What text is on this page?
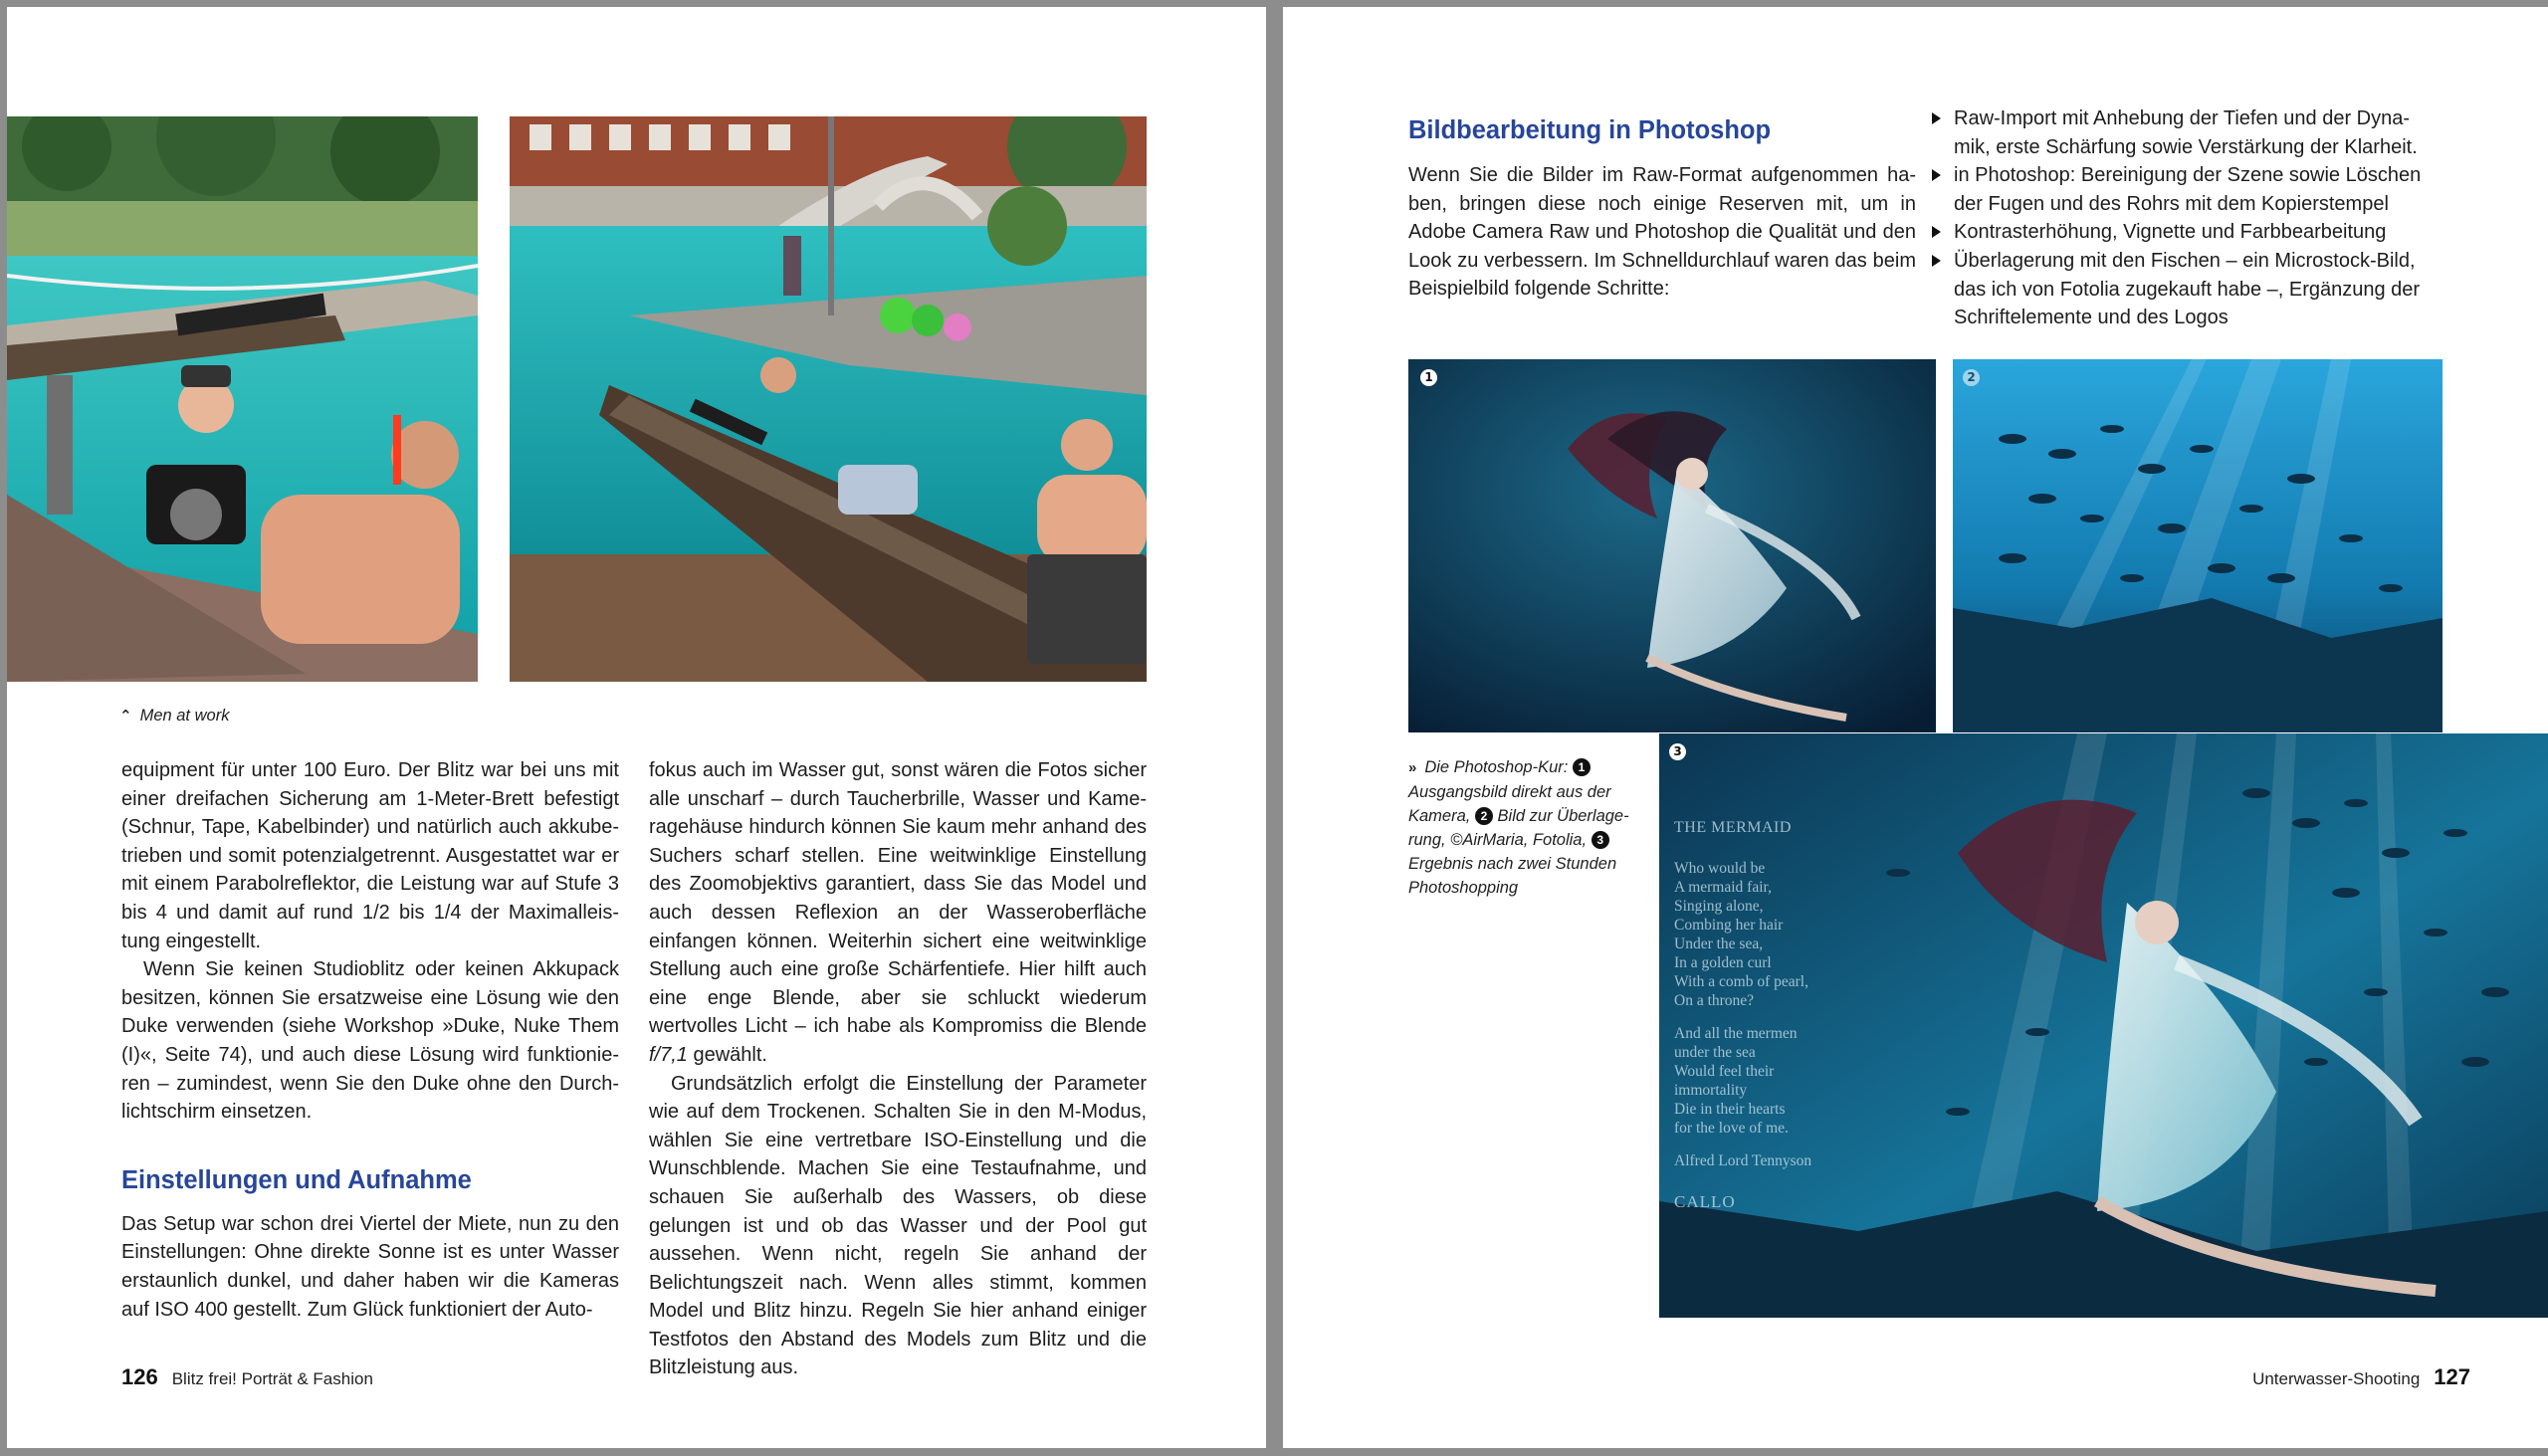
⌃ Men at work

equipment für unter 100 Euro. Der Blitz war bei uns mit einer dreifachen Sicherung am 1-Meter-Brett befestigt (Schnur, Tape, Kabelbinder) und natürlich auch akkube-trieben und somit potenzialgetrennt. Ausgestattet war er mit einem Parabolreflektor, die Leistung war auf Stufe 3 bis 4 und damit auf rund 1/2 bis 1/4 der Maximalleis-tung eingestellt.

Wenn Sie keinen Studioblitz oder keinen Akkupack besitzen, können Sie ersatzweise eine Lösung wie den Duke verwenden (siehe Workshop »Duke, Nuke Them (I)«, Seite 74), und auch diese Lösung wird funktionie-ren – zumindest, wenn Sie den Duke ohne den Durch-lichtschirm einsetzen.

Einstellungen und Aufnahme

Das Setup war schon drei Viertel der Miete, nun zu den Einstellungen: Ohne direkte Sonne ist es unter Wasser erstaunlich dunkel, und daher haben wir die Kameras auf ISO 400 gestellt. Zum Glück funktioniert der Auto-

fokus auch im Wasser gut, sonst wären die Fotos sicher alle unscharf – durch Taucherbrille, Wasser und Kame-ragehäuse hindurch können Sie kaum mehr anhand des Suchers scharf stellen. Eine weitwinklige Einstellung des Zoomobjektivs garantiert, dass Sie das Model und auch dessen Reflexion an der Wasseroberfläche einfangen können. Weiterhin sichert eine weitwinklige Stellung auch eine große Schärfentiefe. Hier hilft auch eine enge Blende, aber sie schluckt wiederum wertvolles Licht – ich habe als Kompromiss die Blende f/7,1 gewählt.

Grundsätzlich erfolgt die Einstellung der Parameter wie auf dem Trockenen. Schalten Sie in den M-Modus, wählen Sie eine vertretbare ISO-Einstellung und die Wunschblende. Machen Sie eine Testaufnahme, und schauen Sie außerhalb des Wassers, ob diese gelungen ist und ob das Wasser und der Pool gut aussehen. Wenn nicht, regeln Sie anhand der Belichtungszeit nach. Wenn alles stimmt, kommen Model und Blitz hinzu. Regeln Sie hier anhand einiger Testfotos den Abstand des Models zum Blitz und die Blitzleistung aus.

126 Blitz frei! Porträt & Fashion
Bildbearbeitung in Photoshop

Wenn Sie die Bilder im Raw-Format aufgenommen ha-ben, bringen diese noch einige Reserven mit, um in Adobe Camera Raw und Photoshop die Qualität und den Look zu verbessern. Im Schnelldurchlauf waren das beim Beispielbild folgende Schritte:

Raw-Import mit Anhebung der Tiefen und der Dyna-mik, erste Schärfung sowie Verstärkung der Klarheit.
in Photoshop: Bereinigung der Szene sowie Löschen der Fugen und des Rohrs mit dem Kopierstempel
Kontrasterhöhung, Vignette und Farbbearbeitung
Überlagerung mit den Fischen – ein Microstock-Bild, das ich von Fotolia zugekauft habe –, Ergänzung der Schriftelemente und des Logos
1	2
» Die Photoshop-Kur: 1 Ausgangsbild direkt aus der Kamera, 2 Bild zur Überlage-rung, ©AirMaria, Fotolia, 3 Ergebnis nach zwei Stunden Photoshopping
3
THE MERMAID
Who would be
A mermaid fair,
Singing alone,
Combing her hair
Under the sea,
In a golden curl
With a comb of pearl,
On a throne?
And all the mermen
under the sea
Would feel their
immortality
Die in their hearts
for the love of me.
Alfred Lord Tennyson
CALLO
Unterwasser-Shooting 127
